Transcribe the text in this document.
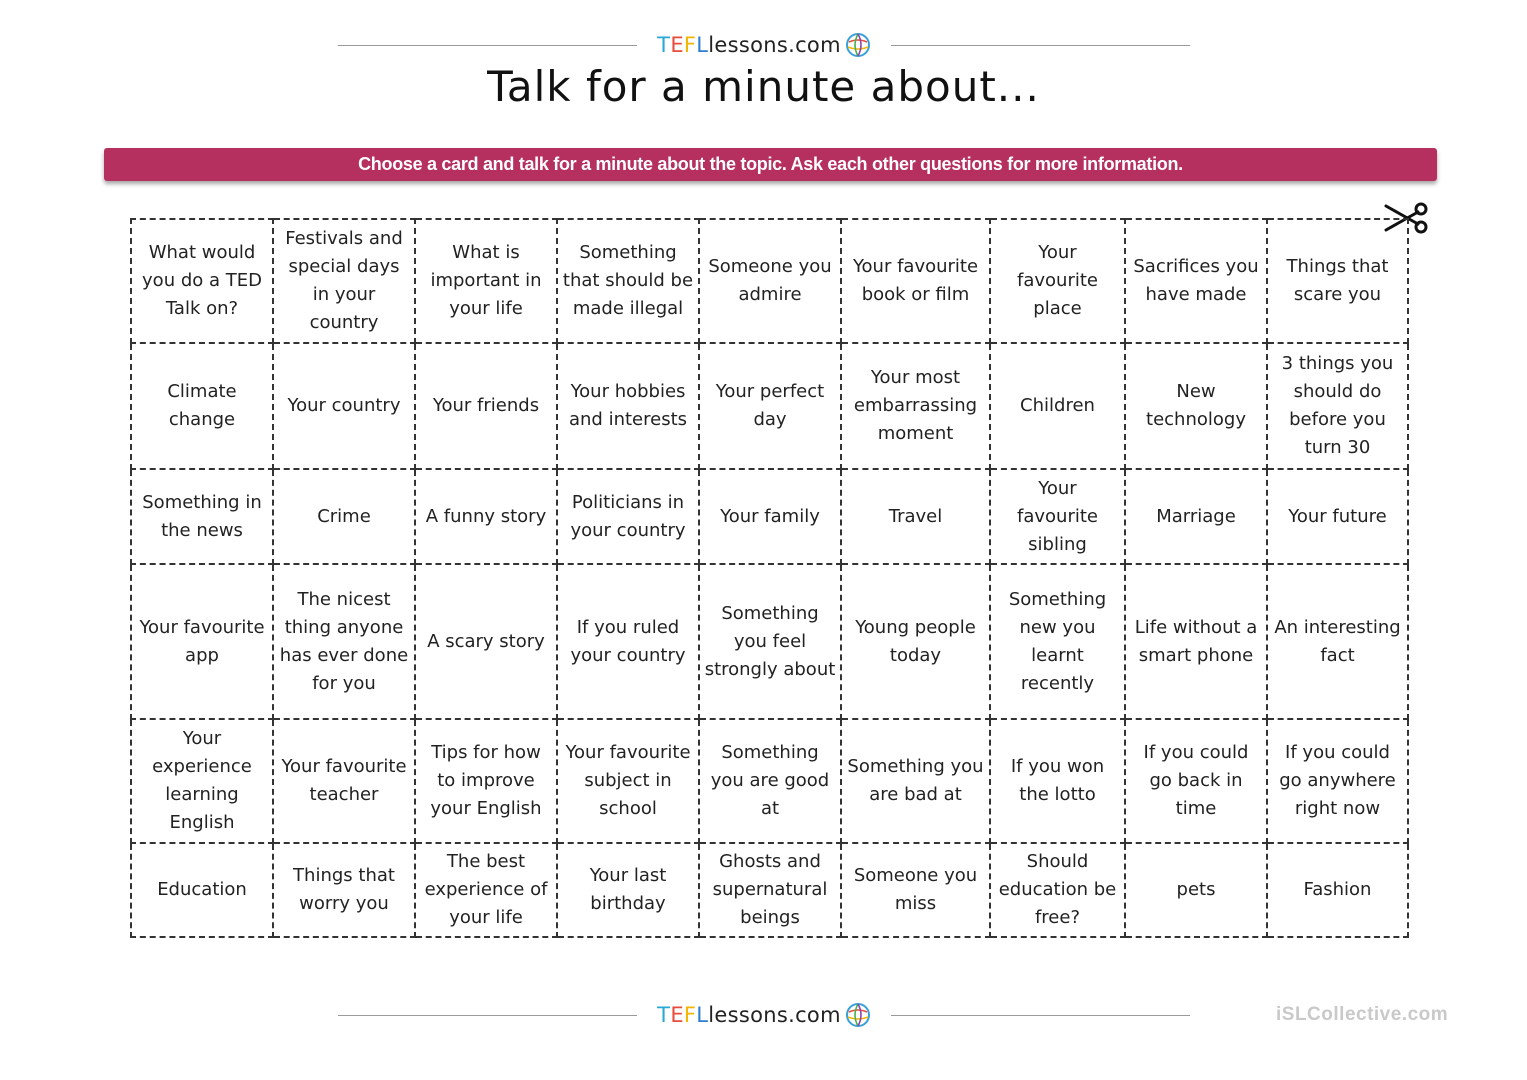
T E F L lessons.com
Talk for a minute about...
Choose a card and talk for a minute about the topic. Ask each other questions for more information.
What would you do a TED Talk on?	Festivals and special days in your country	What is important in your life	Something that should be made illegal	Someone you admire	Your favourite book or film	Your favourite place	Sacrifices you have made	Things that scare you
Climate change	Your country	Your friends	Your hobbies and interests	Your perfect day	Your most embarrassing moment	Children	New technology	3 things you should do before you turn 30
Something in the news	Crime	A funny story	Politicians in your country	Your family	Travel	Your favourite sibling	Marriage	Your future
Your favourite app	The nicest thing anyone has ever done for you	A scary story	If you ruled your country	Something you feel strongly about	Young people today	Something new you learnt recently	Life without a smart phone	An interesting fact
Your experience learning English	Your favourite teacher	Tips for how to improve your English	Your favourite subject in school	Something you are good at	Something you are bad at	If you won the lotto	If you could go back in time	If you could go anywhere right now
Education	Things that worry you	The best experience of your life	Your last birthday	Ghosts and supernatural beings	Someone you miss	Should education be free?	pets	Fashion
T E F L lessons.com	iSLCollective.com
